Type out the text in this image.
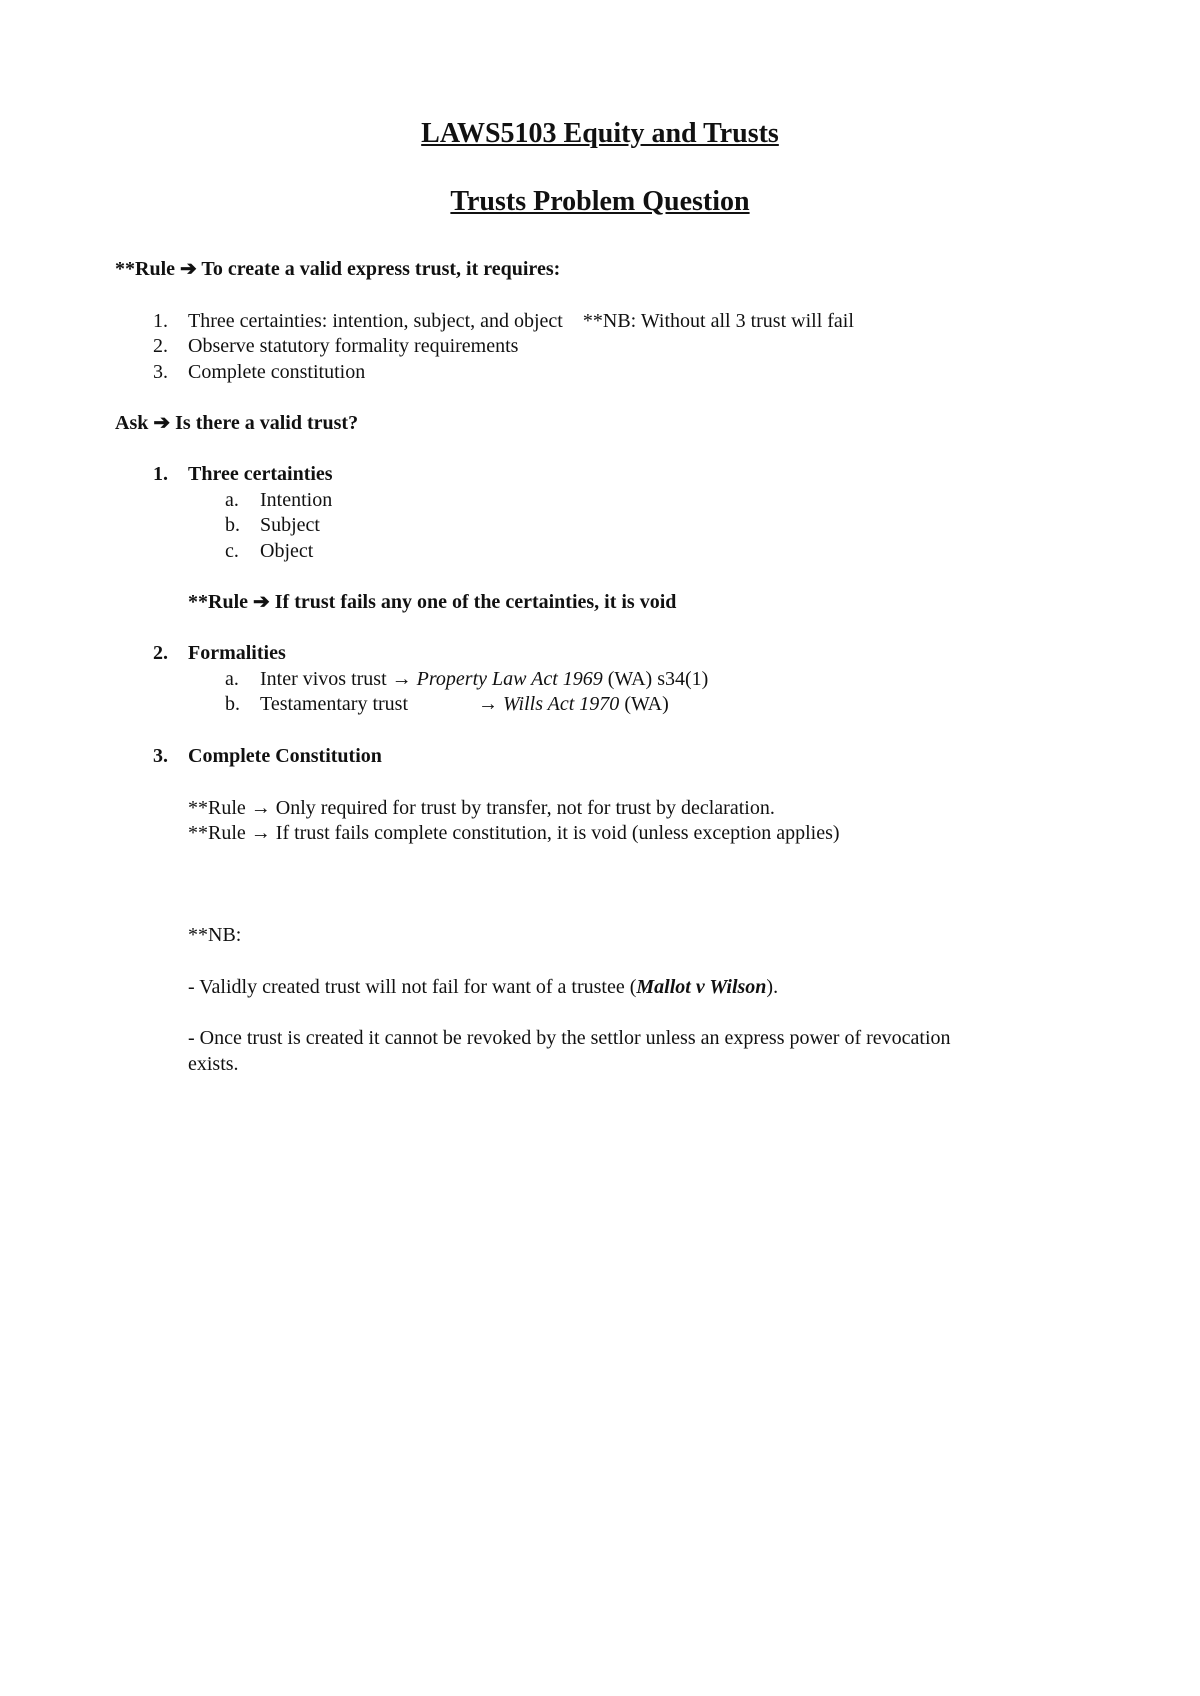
LAWS5103 Equity and Trusts
Trusts Problem Question
**Rule ➔ To create a valid express trust, it requires:
1. Three certainties: intention, subject, and object **NB: Without all 3 trust will fail
2. Observe statutory formality requirements
3. Complete constitution
Ask ➔ Is there a valid trust?
1. Three certainties
a. Intention
b. Subject
c. Object
**Rule ➔ If trust fails any one of the certainties, it is void
2. Formalities
a. Inter vivos trust → Property Law Act 1969 (WA) s34(1)
b. Testamentary trust	→ Wills Act 1970 (WA)
3. Complete Constitution
**Rule → Only required for trust by transfer, not for trust by declaration.
**Rule → If trust fails complete constitution, it is void (unless exception applies)
**NB:
- Validly created trust will not fail for want of a trustee (Mallot v Wilson).
- Once trust is created it cannot be revoked by the settlor unless an express power of revocation
exists.
